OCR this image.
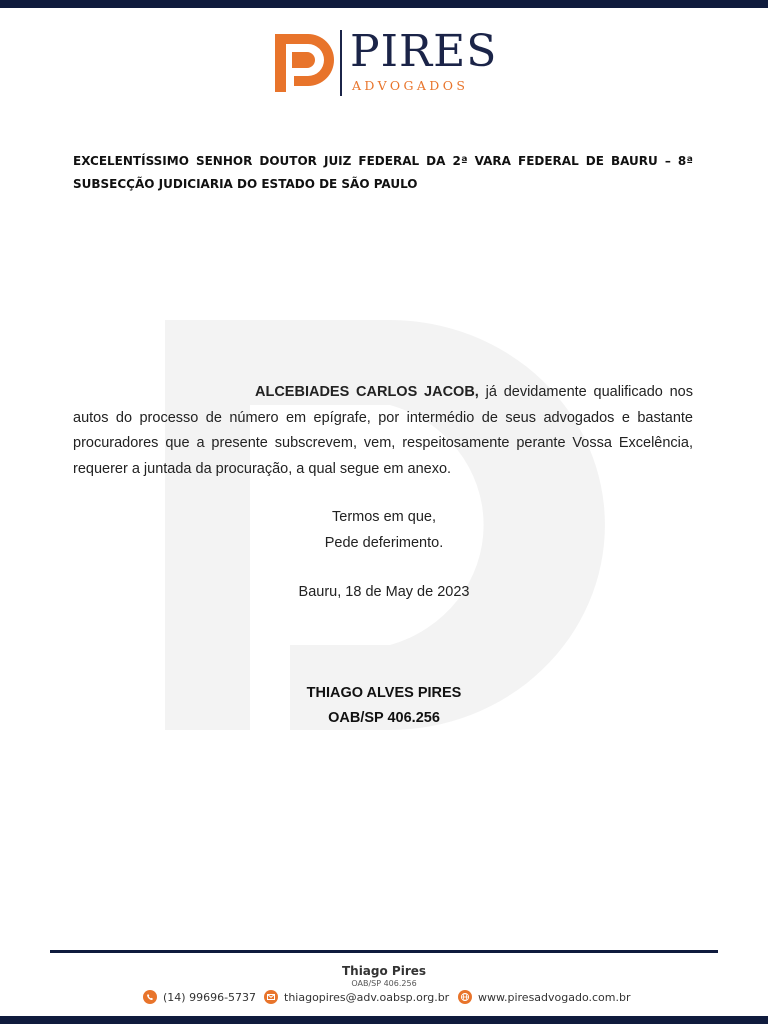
PIRES
ADVOGADOS
EXCELENTÍSSIMO SENHOR DOUTOR JUIZ FEDERAL DA 2ª VARA FEDERAL DE BAURU – 8ª SUBSECÇÃO JUDICIARIA DO ESTADO DE SÃO PAULO
ALCEBIADES CARLOS JACOB, já devidamente qualificado nos autos do processo de número em epígrafe, por intermédio de seus advogados e bastante procuradores que a presente subscrevem, vem, respeitosamente perante Vossa Excelência, requerer a juntada da procuração, a qual segue em anexo.
Termos em que,
Pede deferimento.
Bauru, 18 de May de 2023
THIAGO ALVES PIRES
OAB/SP 406.256
Thiago Pires
OAB/SP 406.256
(14) 99696-5737	thiagopires@adv.oabsp.org.br	www.piresadvogado.com.br
